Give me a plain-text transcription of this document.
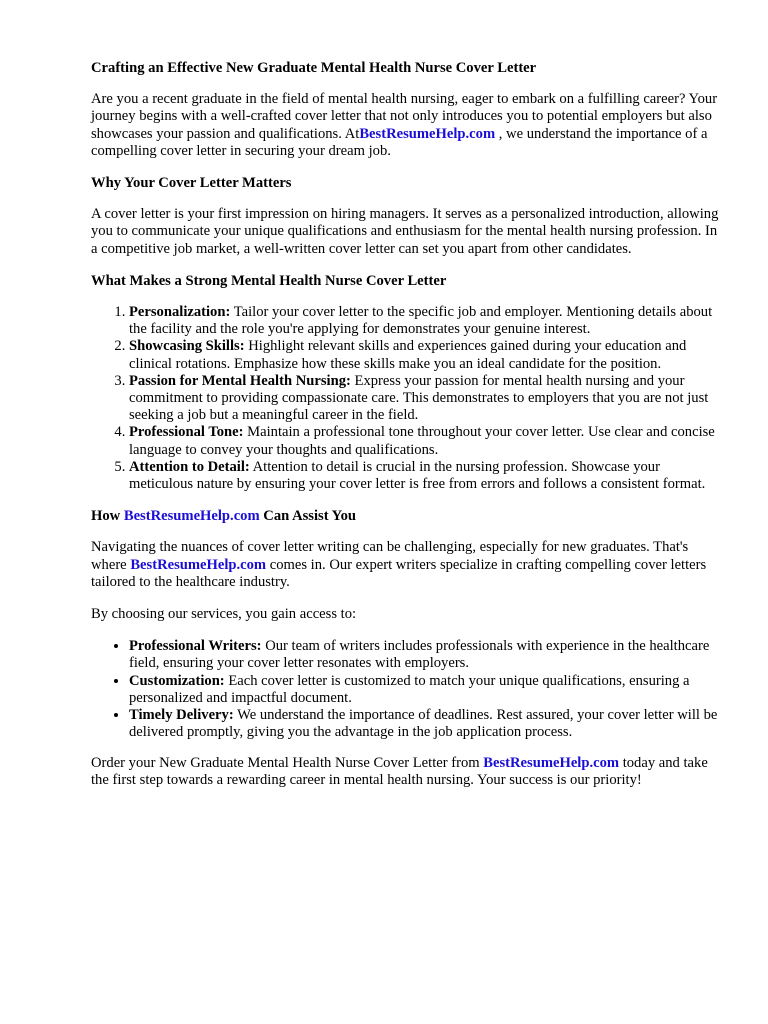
Crafting an Effective New Graduate Mental Health Nurse Cover Letter

Are you a recent graduate in the field of mental health nursing, eager to embark on a fulfilling career? Your journey begins with a well-crafted cover letter that not only introduces you to potential employers but also showcases your passion and qualifications. AtBestResumeHelp.com , we understand the importance of a compelling cover letter in securing your dream job.

Why Your Cover Letter Matters

A cover letter is your first impression on hiring managers. It serves as a personalized introduction, allowing you to communicate your unique qualifications and enthusiasm for the mental health nursing profession. In a competitive job market, a well-written cover letter can set you apart from other candidates.

What Makes a Strong Mental Health Nurse Cover Letter
1. Personalization: Tailor your cover letter to the specific job and employer. Mentioning details about the facility and the role you're applying for demonstrates your genuine interest.
2. Showcasing Skills: Highlight relevant skills and experiences gained during your education and clinical rotations. Emphasize how these skills make you an ideal candidate for the position.
3. Passion for Mental Health Nursing: Express your passion for mental health nursing and your commitment to providing compassionate care. This demonstrates to employers that you are not just seeking a job but a meaningful career in the field.
4. Professional Tone: Maintain a professional tone throughout your cover letter. Use clear and concise language to convey your thoughts and qualifications.
5. Attention to Detail: Attention to detail is crucial in the nursing profession. Showcase your meticulous nature by ensuring your cover letter is free from errors and follows a consistent format.
How BestResumeHelp.com Can Assist You

Navigating the nuances of cover letter writing can be challenging, especially for new graduates. That's where BestResumeHelp.com comes in. Our expert writers specialize in crafting compelling cover letters tailored to the healthcare industry.

By choosing our services, you gain access to:

• Professional Writers: Our team of writers includes professionals with experience in the healthcare field, ensuring your cover letter resonates with employers.
• Customization: Each cover letter is customized to match your unique qualifications, ensuring a personalized and impactful document.
• Timely Delivery: We understand the importance of deadlines. Rest assured, your cover letter will be delivered promptly, giving you the advantage in the job application process.

Order your New Graduate Mental Health Nurse Cover Letter from BestResumeHelp.com today and take the first step towards a rewarding career in mental health nursing. Your success is our priority!
